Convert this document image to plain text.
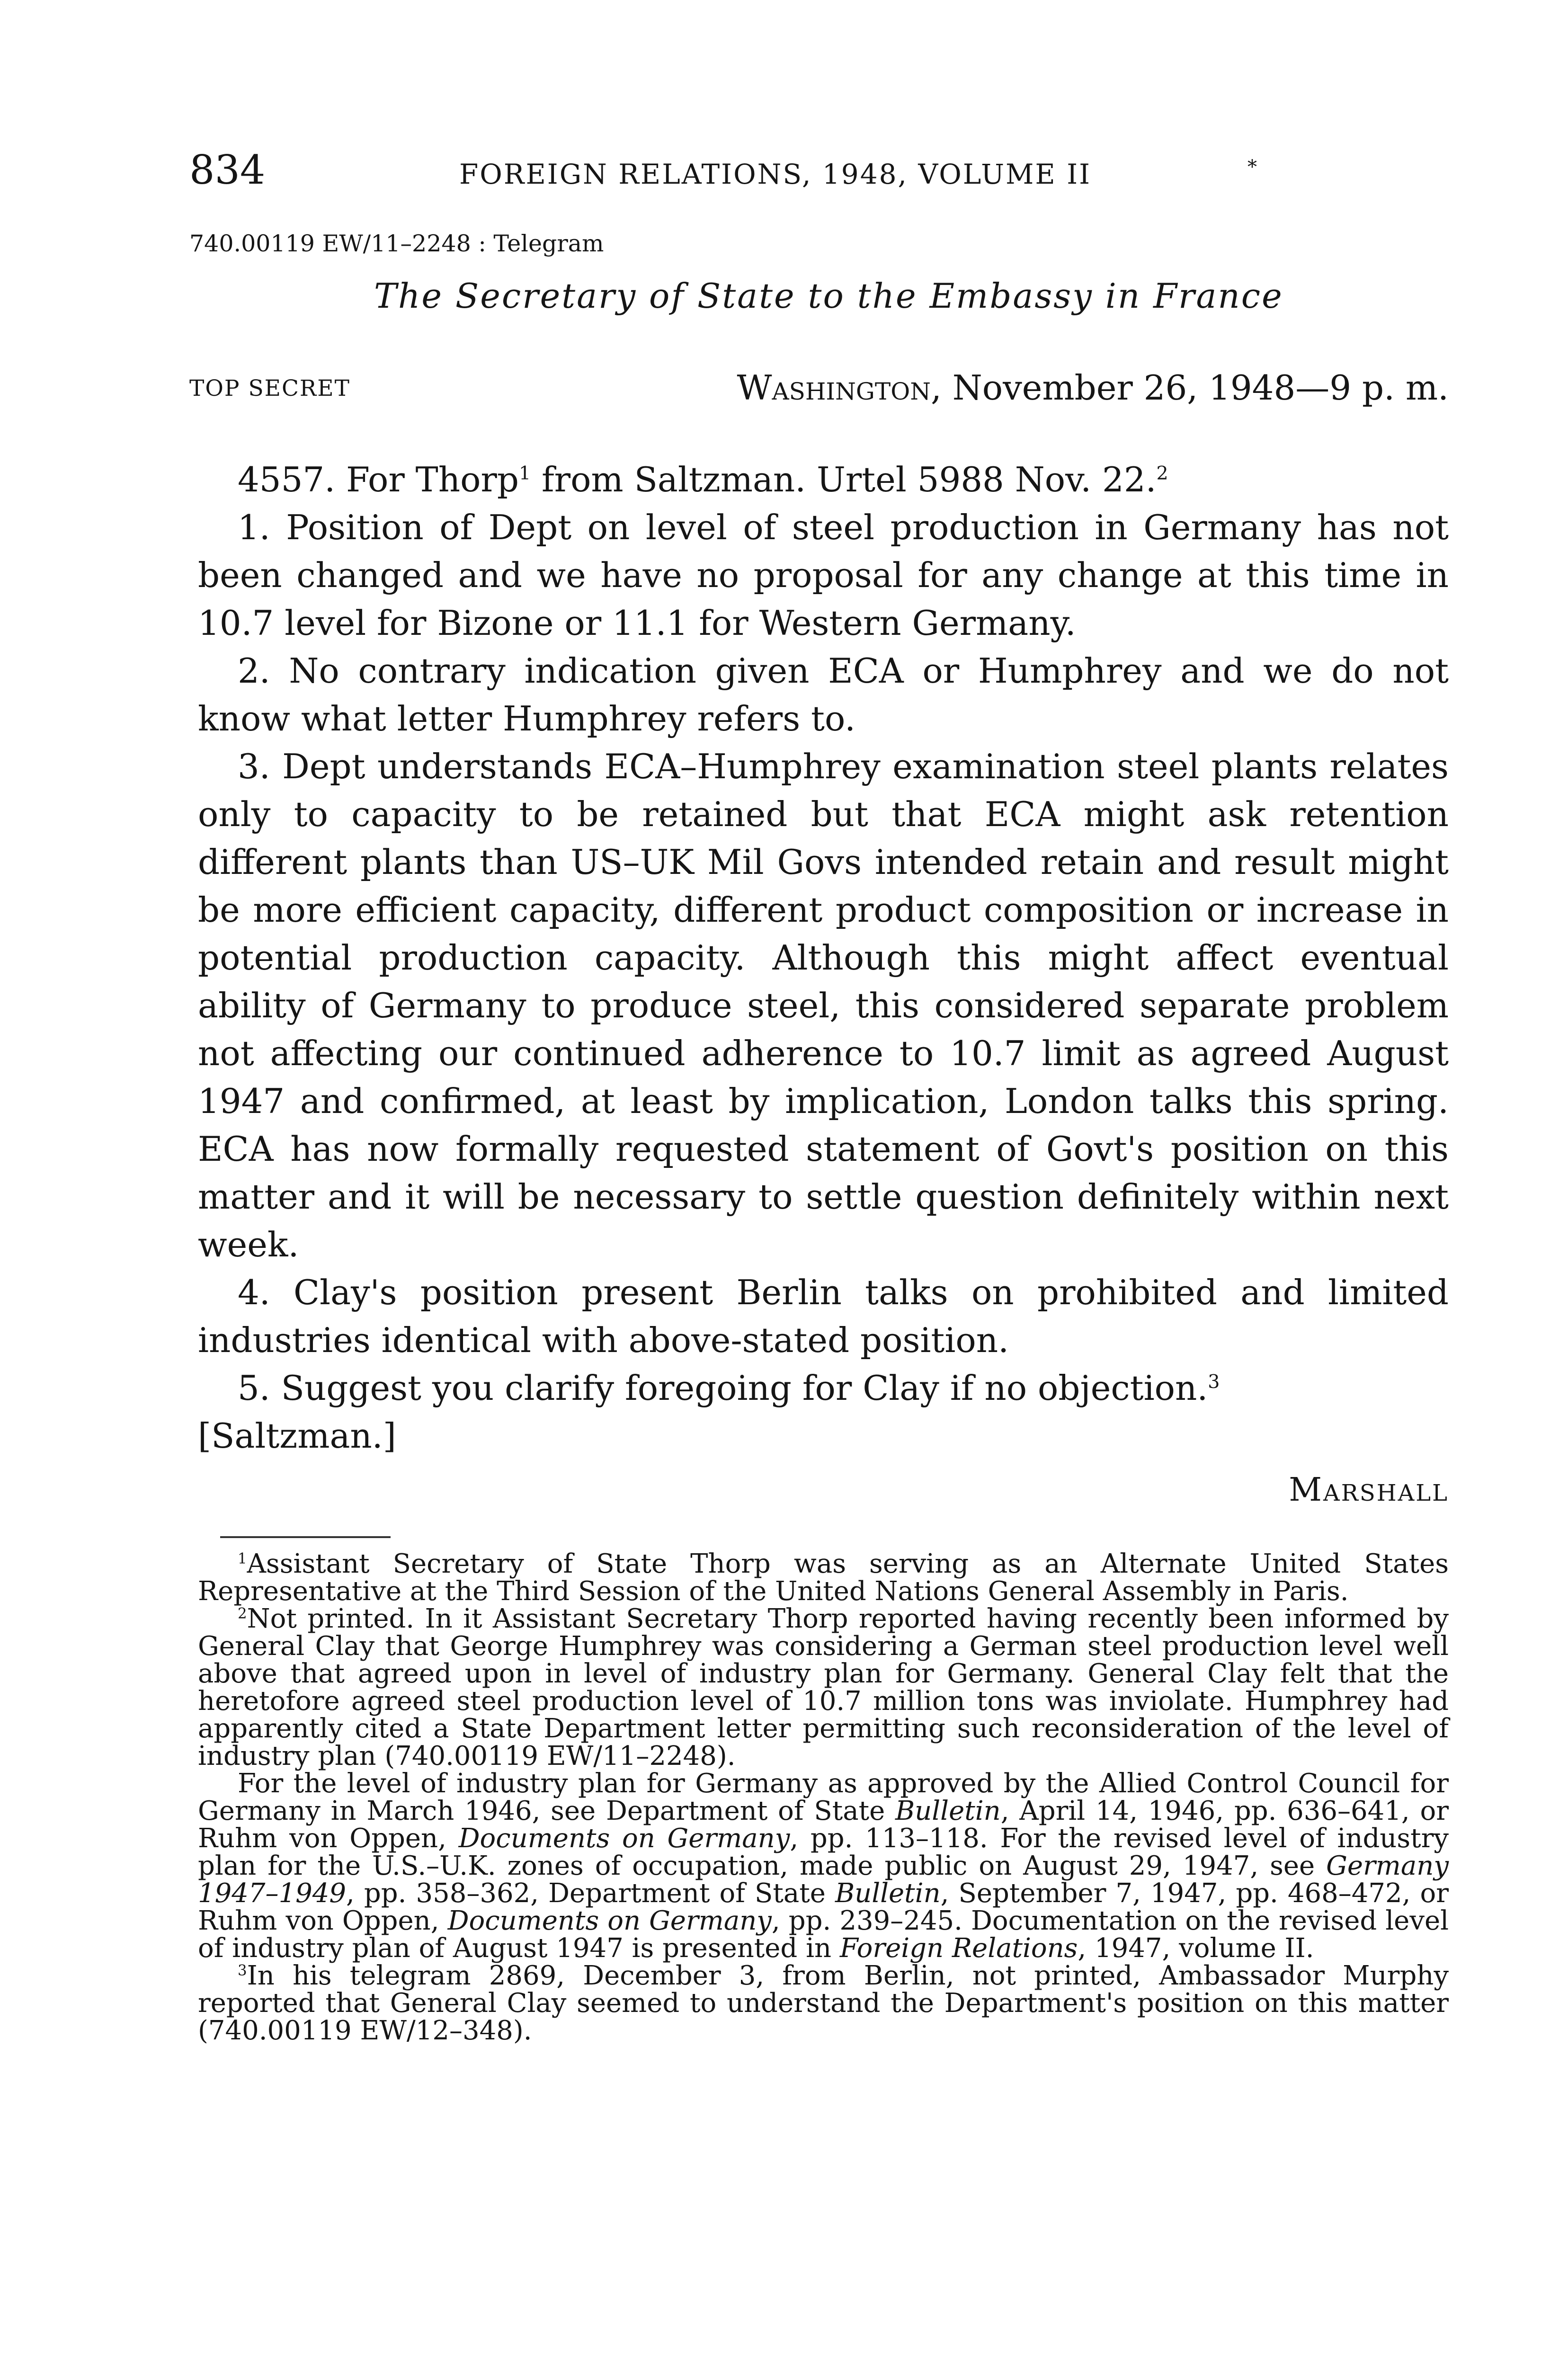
834	FOREIGN RELATIONS, 1948, VOLUME II	*
740.00119 EW/11–2248 : Telegram
The Secretary of State to the Embassy in France
TOP SECRET	Washington, November 26, 1948—9 p. m.

4557. For Thorp$^1$ from Saltzman. Urtel 5988 Nov. 22.$^2$

1. Position of Dept on level of steel production in Germany has not been changed and we have no proposal for any change at this time in 10.7 level for Bizone or 11.1 for Western Germany.

2. No contrary indication given ECA or Humphrey and we do not know what letter Humphrey refers to.

3. Dept understands ECA–Humphrey examination steel plants relates only to capacity to be retained but that ECA might ask retention different plants than US–UK Mil Govs intended retain and result might be more efficient capacity, different product composition or increase in potential production capacity. Although this might affect eventual ability of Germany to produce steel, this considered separate problem not affecting our continued adherence to 10.7 limit as agreed August 1947 and confirmed, at least by implication, London talks this spring. ECA has now formally requested statement of Govt's position on this matter and it will be necessary to settle question definitely within next week.

4. Clay's position present Berlin talks on prohibited and limited industries identical with above-stated position.

5. Suggest you clarify foregoing for Clay if no objection.$^3$

[Saltzman.]

Marshall

$^1$Assistant Secretary of State Thorp was serving as an Alternate United States Representative at the Third Session of the United Nations General Assembly in Paris.

$^2$Not printed. In it Assistant Secretary Thorp reported having recently been informed by General Clay that George Humphrey was considering a German steel production level well above that agreed upon in level of industry plan for Germany. General Clay felt that the heretofore agreed steel production level of 10.7 million tons was inviolate. Humphrey had apparently cited a State Department letter permitting such reconsideration of the level of industry plan (740.00119 EW/11–2248).

For the level of industry plan for Germany as approved by the Allied Control Council for Germany in March 1946, see Department of State Bulletin, April 14, 1946, pp. 636–641, or Ruhm von Oppen, Documents on Germany, pp. 113–118. For the revised level of industry plan for the U.S.–U.K. zones of occupation, made public on August 29, 1947, see Germany 1947–1949, pp. 358–362, Department of State Bulletin, September 7, 1947, pp. 468–472, or Ruhm von Oppen, Documents on Germany, pp. 239–245. Documentation on the revised level of industry plan of August 1947 is presented in Foreign Relations, 1947, volume II.

$^3$In his telegram 2869, December 3, from Berlin, not printed, Ambassador Murphy reported that General Clay seemed to understand the Department's position on this matter (740.00119 EW/12–348).
